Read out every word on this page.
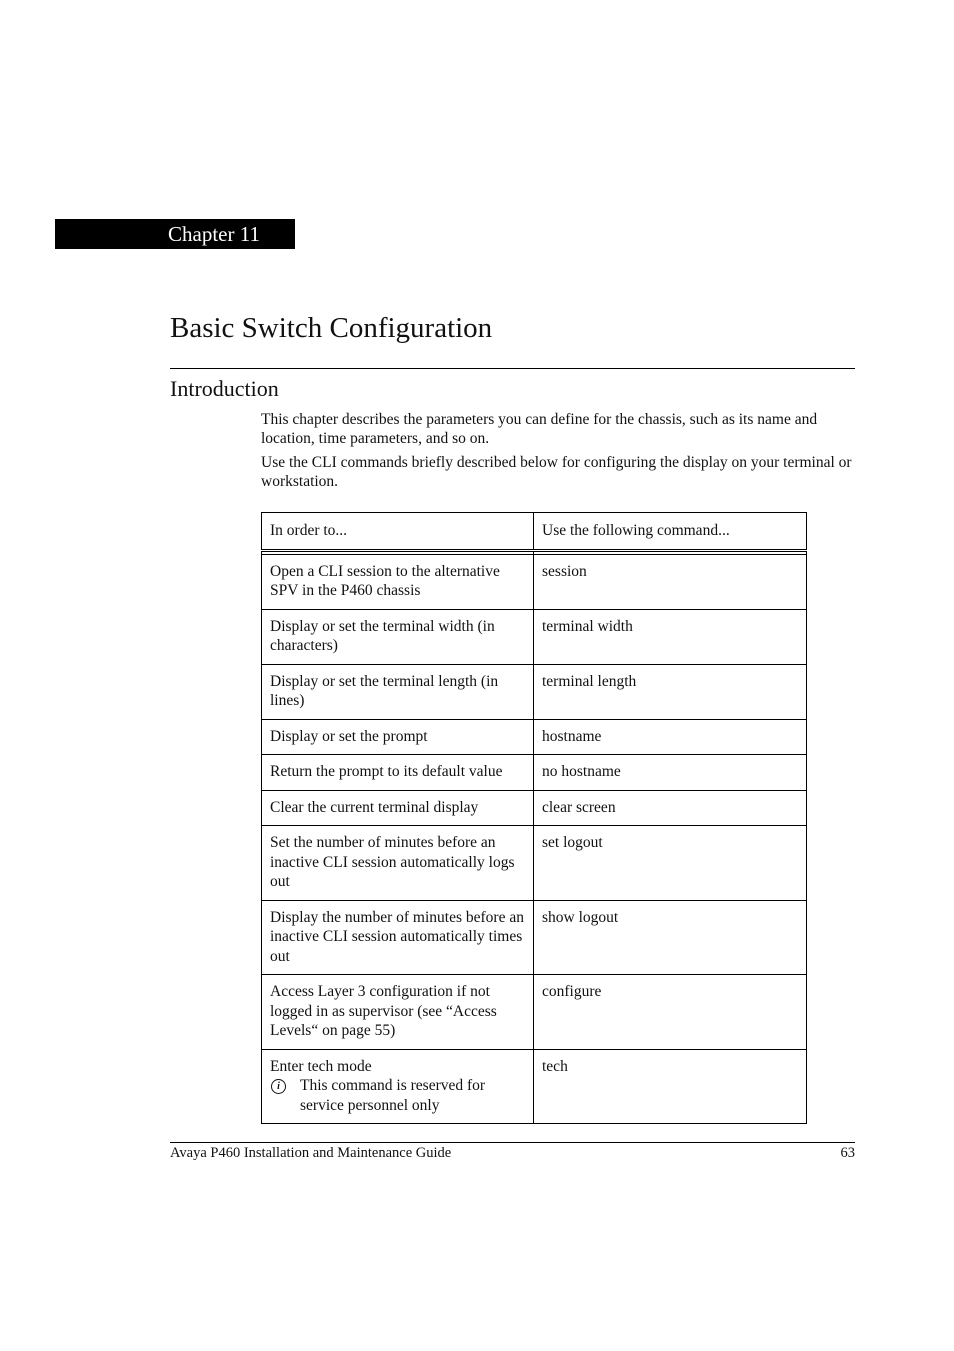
Chapter 11
Basic Switch Configuration
Introduction

This chapter describes the parameters you can define for the chassis, such as its name and location, time parameters, and so on.

Use the CLI commands briefly described below for configuring the display on your terminal or workstation.

In order to...	Use the following command...

Open a CLI session to the alternative SPV in the P460 chassis	session
Display or set the terminal width (in characters)	terminal width
Display or set the terminal length (in lines)	terminal length
Display or set the prompt	hostname
Return the prompt to its default value	no hostname
Clear the current terminal display	clear screen
Set the number of minutes before an inactive CLI session automatically logs out	set logout
Display the number of minutes before an inactive CLI session automatically times out	show logout
Access Layer 3 configuration if not logged in as supervisor (see “Access Levels“ on page 55)	configure

Enter tech mode
i This command is reserved for service personnel only	tech
Avaya P460 Installation and Maintenance Guide	63
